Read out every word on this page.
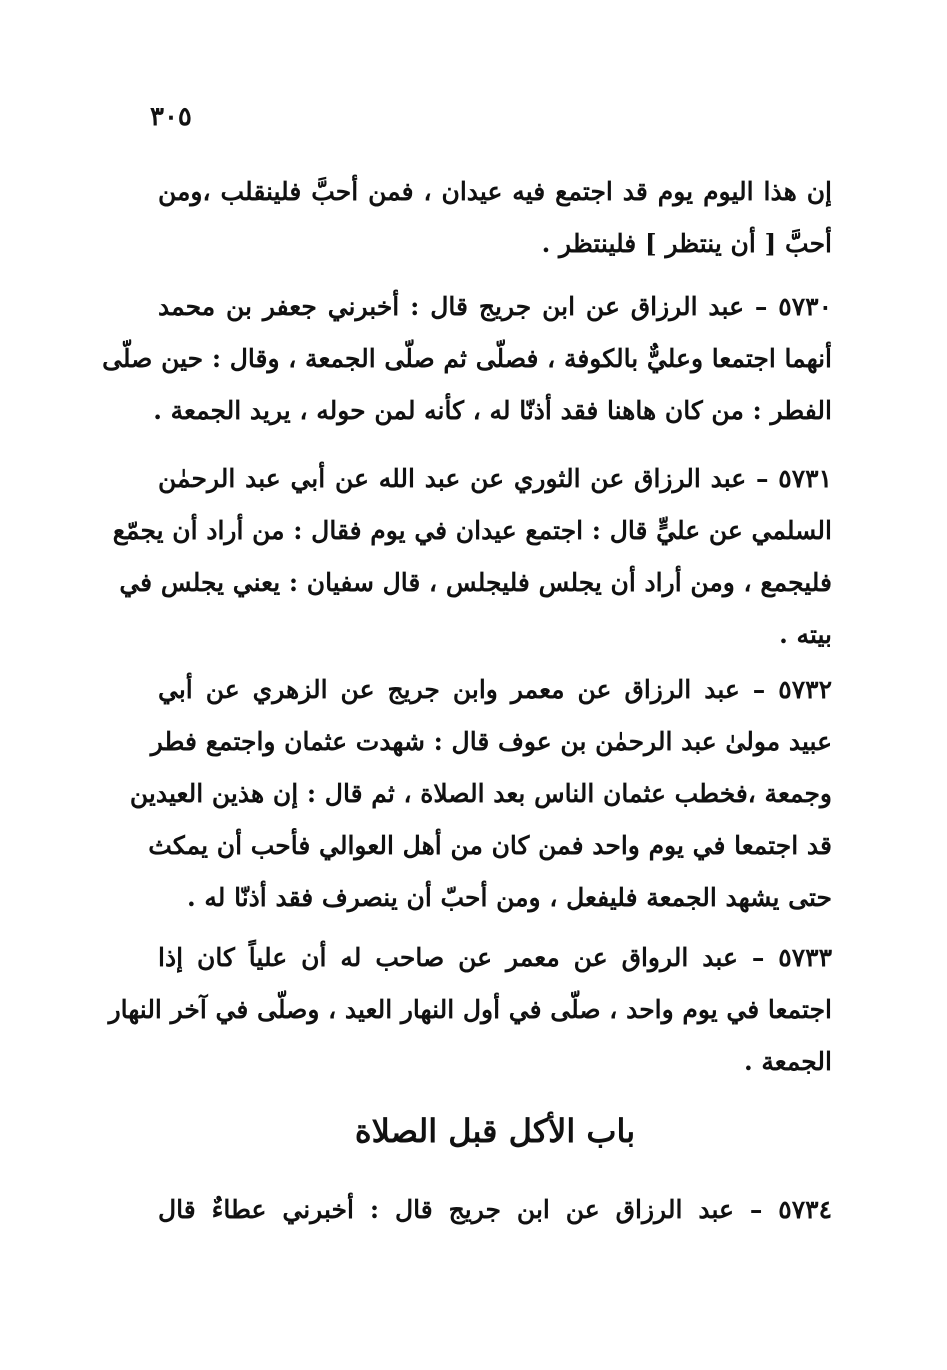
٣٠٥
إن هذا اليوم يوم قد اجتمع فيه عيدان ، فمن أحبَّ فلينقلب ،ومن
أحبَّ [ أن ينتظر ] فلينتظر .
٥٧٣٠ – عبد الرزاق عن ابن جريج قال : أخبرني جعفر بن محمد
أنهما اجتمعا وعليٌّ بالكوفة ، فصلّى ثم صلّى الجمعة ، وقال : حين صلّى
الفطر : من كان هاهنا فقد أذنّا له ، كأنه لمن حوله ، يريد الجمعة .
٥٧٣١ – عبد الرزاق عن الثوري عن عبد الله عن أبي عبد الرحمٰن
السلمي عن عليٍّ قال : اجتمع عيدان في يوم فقال : من أراد أن يجمّع
فليجمع ، ومن أراد أن يجلس فليجلس ، قال سفيان : يعني يجلس في
بيته .
٥٧٣٢ – عبد الرزاق عن معمر وابن جريج عن الزهري عن أبي
عبيد مولىٰ عبد الرحمٰن بن عوف قال : شهدت عثمان واجتمع فطر
وجمعة ،فخطب عثمان الناس بعد الصلاة ، ثم قال : إن هذين العيدين
قد اجتمعا في يوم واحد فمن كان من أهل العوالي فأحب أن يمكث
حتى يشهد الجمعة فليفعل ، ومن أحبّ أن ينصرف فقد أذنّا له .
٥٧٣٣ – عبد الرواق عن معمر عن صاحب له أن علياً كان إذا
اجتمعا في يوم واحد ، صلّى في أول النهار العيد ، وصلّى في آخر النهار
الجمعة .
باب الأكل قبل الصلاة
٥٧٣٤ – عبد الرزاق عن ابن جريج قال : أخبرني عطاءٌ قال
